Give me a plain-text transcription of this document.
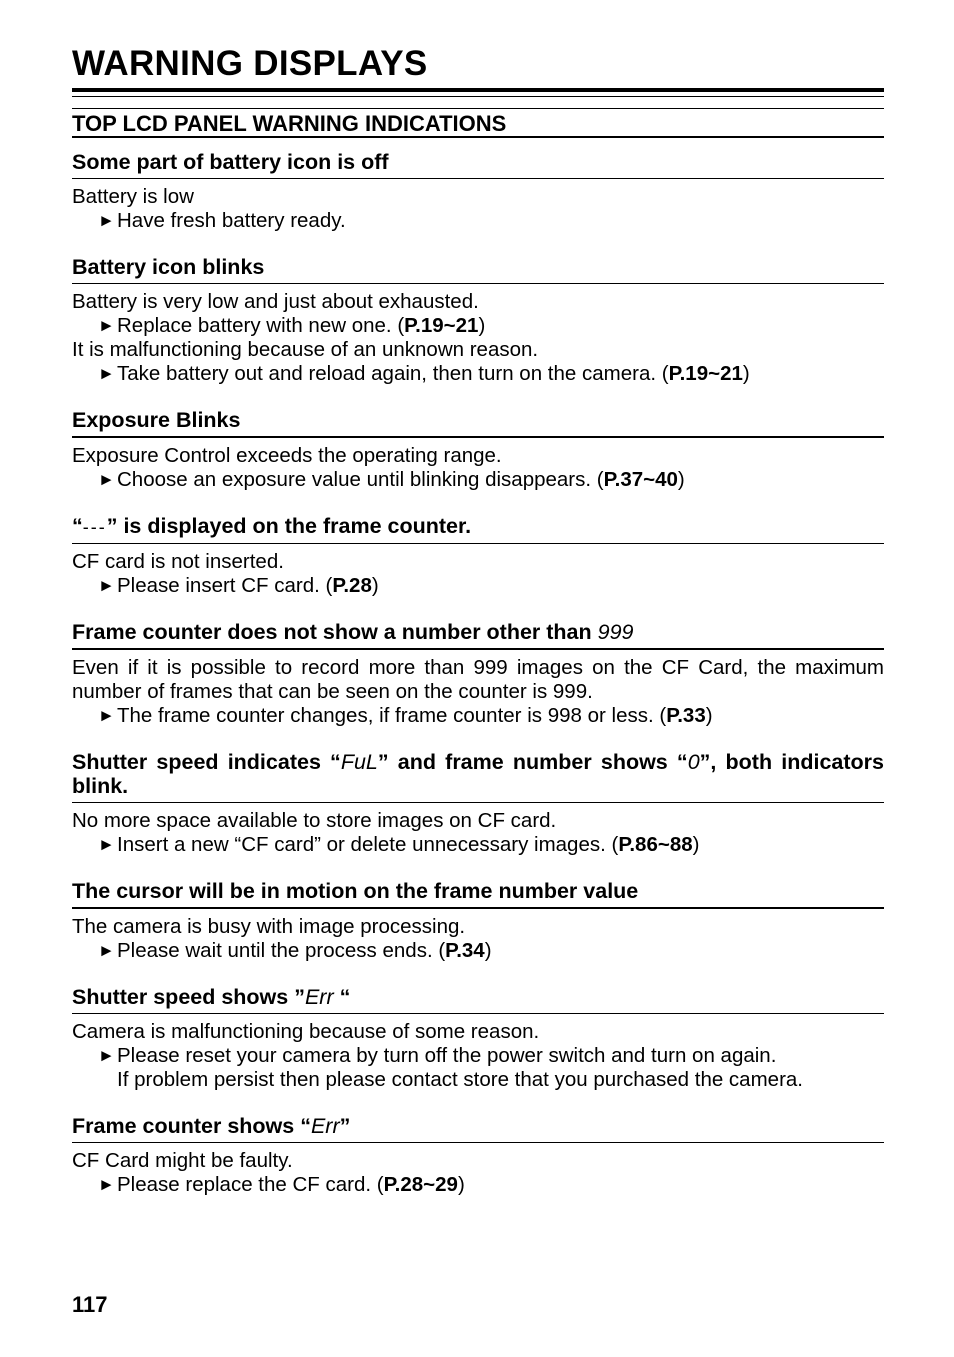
WARNING DISPLAYS
TOP LCD PANEL WARNING INDICATIONS
Some part of battery icon is off
Battery is low
► Have fresh battery ready.
Battery icon blinks
Battery is very low and just about exhausted.
► Replace battery with new one. (P.19~21)
It is malfunctioning because of an unknown reason.
► Take battery out and reload again, then turn on the camera. (P.19~21)
Exposure Blinks
Exposure Control exceeds the operating range.
► Choose an exposure value until blinking disappears. (P.37~40)
“---” is displayed on the frame counter.
CF card is not inserted.
► Please insert CF card. (P.28)
Frame counter does not show a number other than 999
Even if it is possible to record more than 999 images on the CF Card, the maximum number of frames that can be seen on the counter is 999.
► The frame counter changes, if frame counter is 998 or less. (P.33)
Shutter speed indicates “FuL” and frame number shows “0”, both indicators blink.
No more space available to store images on CF card.
► Insert a new “CF card” or delete unnecessary images. (P.86~88)
The cursor will be in motion on the frame number value
The camera is busy with image processing.
► Please wait until the process ends. (P.34)
Shutter speed shows ”Err “
Camera is malfunctioning because of some reason.
► Please reset your camera by turn off the power switch and turn on again.
If problem persist then please contact store that you purchased the camera.
Frame counter shows “Err”
CF Card might be faulty.
► Please replace the CF card. (P.28~29)
117
